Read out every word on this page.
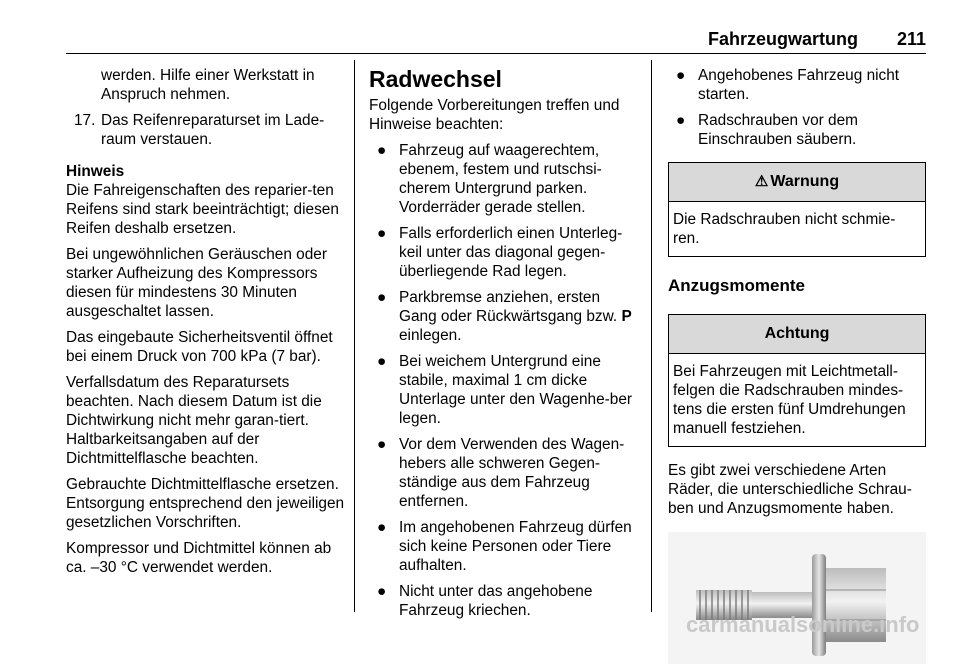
Fahrzeugwartung	211

werden. Hilfe einer Werkstatt in Anspruch nehmen.

17. Das Reifenreparaturset im Lade-raum verstauen.

Hinweis

Die Fahreigenschaften des reparier-ten Reifens sind stark beeinträchtigt; diesen Reifen deshalb ersetzen.

Bei ungewöhnlichen Geräuschen oder starker Aufheizung des Kompressors diesen für mindestens 30 Minuten ausgeschaltet lassen.

Das eingebaute Sicherheitsventil öffnet bei einem Druck von 700 kPa (7 bar).

Verfallsdatum des Reparatursets beachten. Nach diesem Datum ist die Dichtwirkung nicht mehr garan-tiert. Haltbarkeitsangaben auf der Dichtmittelflasche beachten.

Gebrauchte Dichtmittelflasche ersetzen. Entsorgung entsprechend den jeweiligen gesetzlichen Vorschriften.

Kompressor und Dichtmittel können ab ca. –30 °C verwendet werden.

Radwechsel

Folgende Vorbereitungen treffen und Hinweise beachten:

● Fahrzeug auf waagerechtem, ebenem, festem und rutschsi-cherem Untergrund parken. Vorderräder gerade stellen.
● Falls erforderlich einen Unterleg-keil unter das diagonal gegen-überliegende Rad legen.
● Parkbremse anziehen, ersten Gang oder Rückwärtsgang bzw. P einlegen.
● Bei weichem Untergrund eine stabile, maximal 1 cm dicke Unterlage unter den Wagenhe-ber legen.
● Vor dem Verwenden des Wagen-hebers alle schweren Gegen-ständige aus dem Fahrzeug entfernen.
● Im angehobenen Fahrzeug dürfen sich keine Personen oder Tiere aufhalten.
● Nicht unter das angehobene Fahrzeug kriechen.
● Angehobenes Fahrzeug nicht starten.
● Radschrauben vor dem Einschrauben säubern.
⚠ Warnung
Die Radschrauben nicht schmie-ren.

Anzugsmomente

Achtung
Bei Fahrzeugen mit Leichtmetall-felgen die Radschrauben mindes-tens die ersten fünf Umdrehungen manuell festziehen.

Es gibt zwei verschiedene Arten Räder, die unterschiedliche Schrau-ben und Anzugsmomente haben.

carmanualsonline.info
